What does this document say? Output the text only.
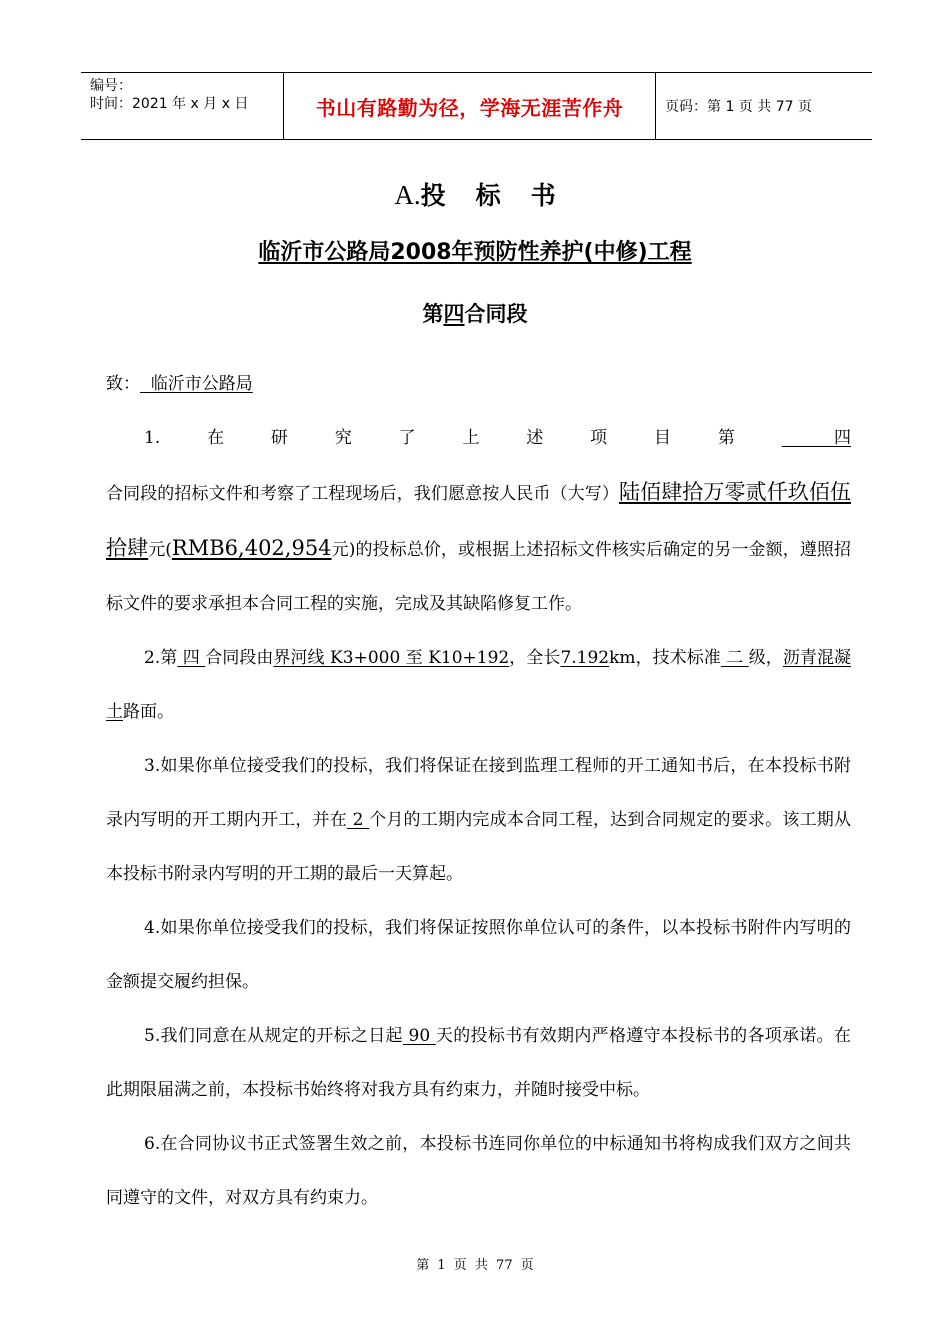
编号：
时间：2021 年 x 月 x 日	书山有路勤为径，学海无涯苦作舟	页码：第 1 页 共 77 页
A.投 标 书
临沂市公路局2008年预防性养护(中修)工程
第四合同段

致： 临沂市公路局

1.在研究了上述项目第 四 合同段的招标文件和考察了工程现场后，我们愿意按人民币（大写）陆佰肆拾万零贰仟玖佰伍拾肆元(RMB6,402,954元)的投标总价，或根据上述招标文件核实后确定的另一金额，遵照招标文件的要求承担本合同工程的实施，完成及其缺陷修复工作。

2.第 四 合同段由界河线 K3+000 至 K10+192，全长7.192km，技术标准 二 级，沥青混凝土路面。

3.如果你单位接受我们的投标，我们将保证在接到监理工程师的开工通知书后，在本投标书附录内写明的开工期内开工，并在 2 个月的工期内完成本合同工程，达到合同规定的要求。该工期从本投标书附录内写明的开工期的最后一天算起。

4.如果你单位接受我们的投标，我们将保证按照你单位认可的条件，以本投标书附件内写明的金额提交履约担保。

5.我们同意在从规定的开标之日起 90 天的投标书有效期内严格遵守本投标书的各项承诺。在此期限届满之前，本投标书始终将对我方具有约束力，并随时接受中标。

6.在合同协议书正式签署生效之前，本投标书连同你单位的中标通知书将构成我们双方之间共同遵守的文件，对双方具有约束力。

第 1 页 共 77 页
